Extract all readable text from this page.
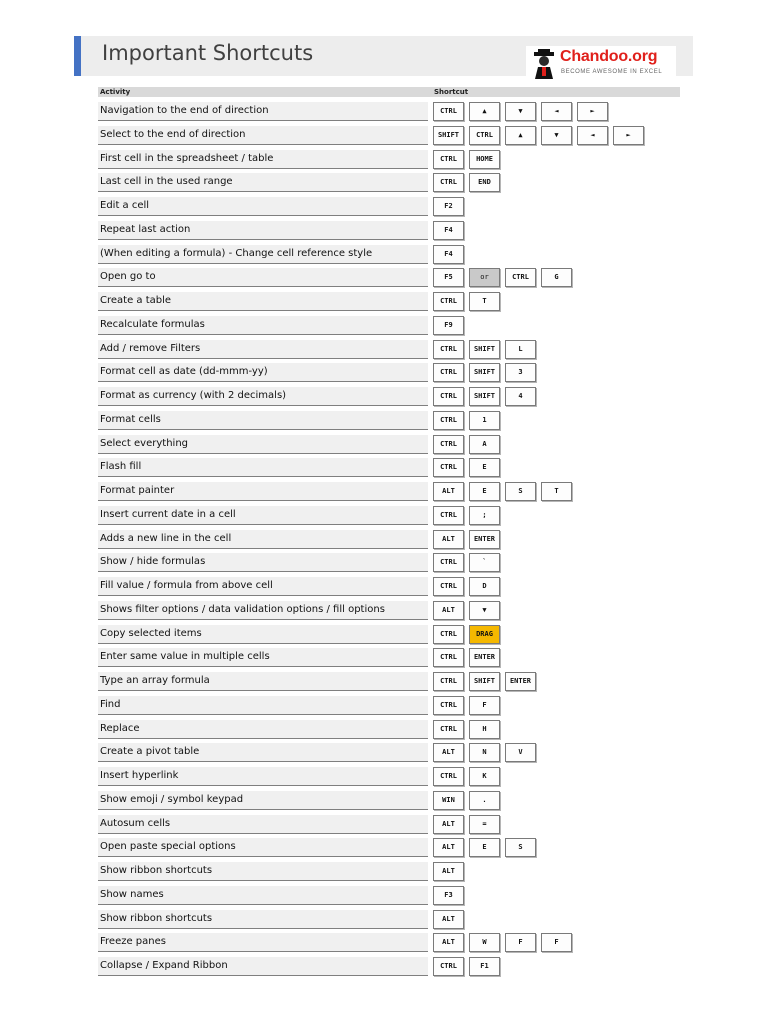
Important Shortcuts	Chandoo.org
BECOME AWESOME IN EXCEL
Activity	Shortcut
Navigation to the end of direction	CTRL	▲	▼	◄	►
Select to the end of direction	SHIFT CTRL	▲	▼	◄	►
First cell in the spreadsheet / table	CTRL	HOME
Last cell in the used range	CTRL	END
Edit a cell	F2
Repeat last action	F4
(When editing a formula) - Change cell reference style	F4
Open go to	F5	or	CTRL	G
Create a table	CTRL	T
Recalculate formulas	F9
Add / remove Filters	CTRL SHIFT	L
Format cell as date (dd-mmm-yy)	CTRL SHIFT	3
Format as currency (with 2 decimals)	CTRL SHIFT	4
Format cells	CTRL	1
Select everything	CTRL	A
Flash fill	CTRL	E
Format painter	ALT	E	S	T
Insert current date in a cell	CTRL	;
Adds a new line in the cell	ALT	ENTER
Show / hide formulas	CTRL	`
Fill value / formula from above cell	CTRL	D
Shows filter options / data validation options / fill options	ALT	▼
Copy selected items	CTRL	DRAG
Enter same value in multiple cells	CTRL ENTER
Type an array formula	CTRL SHIFT ENTER
Find	CTRL	F
Replace	CTRL	H
Create a pivot table	ALT	N	V
Insert hyperlink	CTRL	K
Show emoji / symbol keypad	WIN	.
Autosum cells	ALT	=
Open paste special options	ALT	E	S
Show ribbon shortcuts	ALT
Show names	F3
Show ribbon shortcuts	ALT
Freeze panes	ALT	W	F	F
Collapse / Expand Ribbon	CTRL	F1
